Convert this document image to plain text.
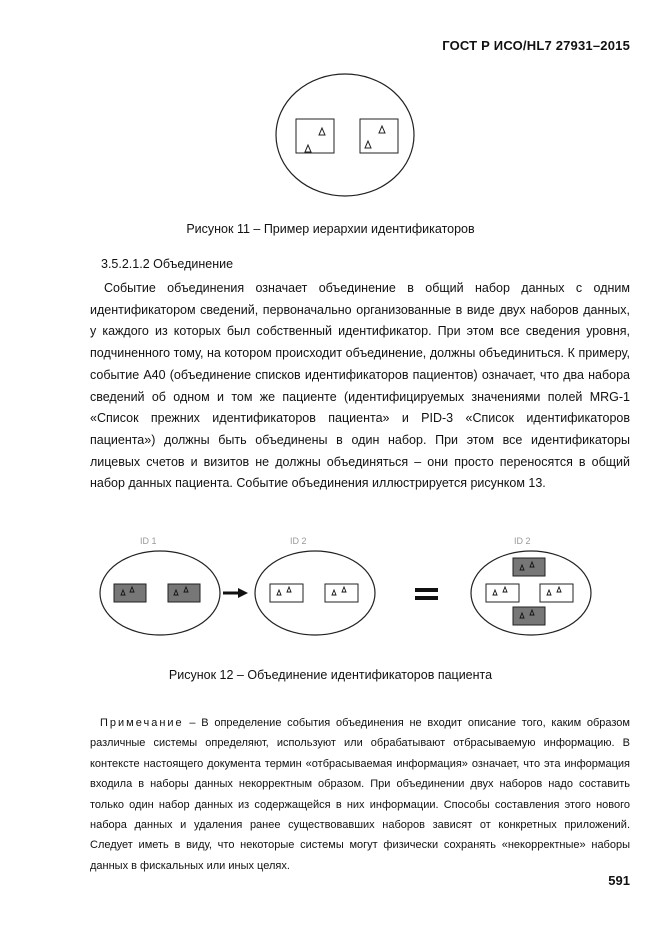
ГОСТ Р ИСО/HL7 27931–2015
Рисунок 11 – Пример иерархии идентификаторов
3.5.2.1.2 Объединение
Событие объединения означает объединение в общий набор данных с одним идентификатором сведений, первоначально организованные в виде двух наборов данных, у каждого из которых был собственный идентификатор. При этом все сведения уровня, подчиненного тому, на котором происходит объединение, должны объединиться. К примеру, событие А40 (объединение списков идентификаторов пациентов) означает, что два набора сведений об одном и том же пациенте (идентифицируемых значениями полей MRG-1 «Список прежних идентификаторов пациента» и PID-3 «Список идентификаторов пациента») должны быть объединены в один набор. При этом все идентификаторы лицевых счетов и визитов не должны объединяться – они просто переносятся в общий набор данных пациента. Событие объединения иллюстрируется рисунком 13.
ID 1	ID 2	ID 2
Рисунок 12 – Объединение идентификаторов пациента
Примечание – В определение события объединения не входит описание того, каким образом различные системы определяют, используют или обрабатывают отбрасываемую информацию. В контексте настоящего документа термин «отбрасываемая информация» означает, что эта информация входила в наборы данных некорректным образом. При объединении двух наборов надо составить только один набор данных из содержащейся в них информации. Способы составления этого нового набора данных и удаления ранее существовавших наборов зависят от конкретных приложений. Следует иметь в виду, что некоторые системы могут физически сохранять «некорректные» наборы данных в фискальных или иных целях.
591
